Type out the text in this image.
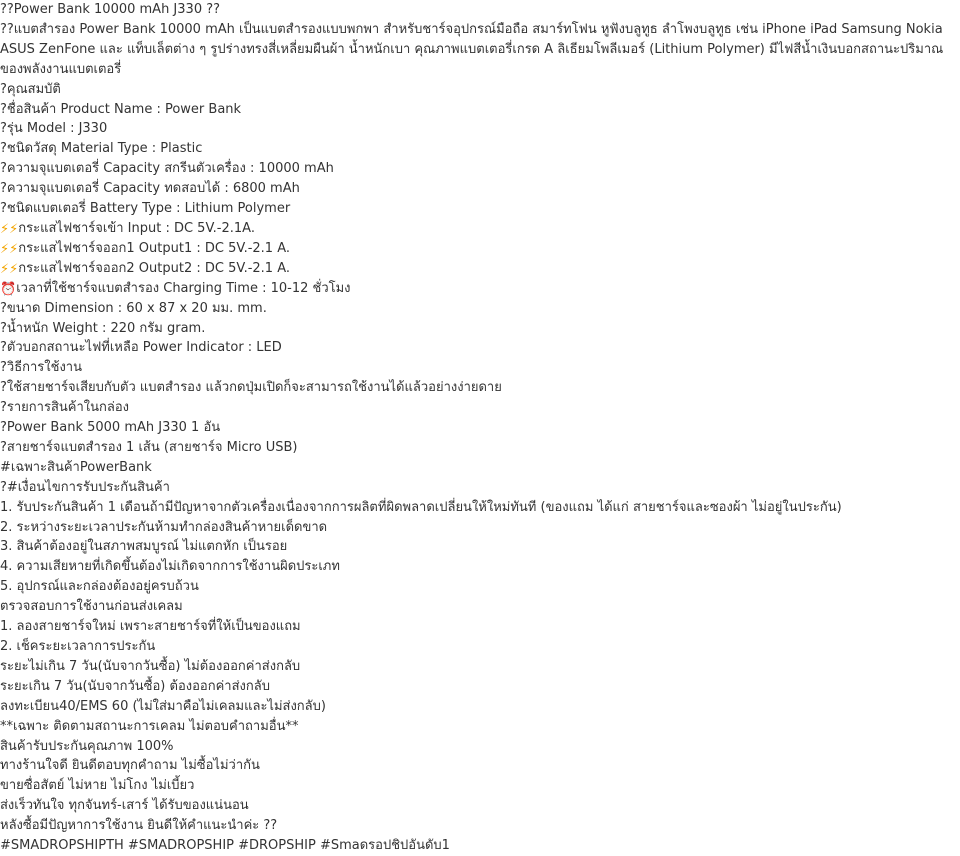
??Power Bank 10000 mAh J330 ??
??แบตสำรอง Power Bank 10000 mAh เป็นแบตสำรองแบบพกพา สำหรับชาร์จอุปกรณ์มือถือ สมาร์ทโฟน หูฟังบลูทูธ ลำโพงบลูทูธ เช่น iPhone iPad Samsung Nokia ASUS ZenFone และ แท็บเล็ตต่าง ๆ รูปร่างทรงสี่เหลี่ยมผืนผ้า น้ำหนักเบา คุณภาพแบตเตอรี่เกรด A ลิเธียมโพลีเมอร์ (Lithium Polymer) มีไฟสีน้ำเงินบอกสถานะปริมาณของพลังงานแบตเตอรี่
?คุณสมบัติ
?ชื่อสินค้า Product Name : Power Bank
?รุ่น Model : J330
?ชนิดวัสดุ Material Type : Plastic
?ความจุแบตเตอรี่ Capacity สกรีนตัวเครื่อง : 10000 mAh
?ความจุแบตเตอรี่ Capacity ทดสอบได้ : 6800 mAh
?ชนิดแบตเตอรี่ Battery Type : Lithium Polymer
⚡⚡กระแสไฟชาร์จเข้า Input : DC 5V.-2.1A.
⚡⚡กระแสไฟชาร์จออก1 Output1 : DC 5V.-2.1 A.
⚡⚡กระแสไฟชาร์จออก2 Output2 : DC 5V.-2.1 A.
⏰เวลาที่ใช้ชาร์จแบตสำรอง Charging Time : 10-12 ชั่วโมง
?ขนาด Dimension : 60 x 87 x 20 มม. mm.
?น้ำหนัก Weight : 220 กรัม gram.
?ตัวบอกสถานะไฟที่เหลือ Power Indicator : LED
?วิธีการใช้งาน
?ใช้สายชาร์จเสียบกับตัว แบตสำรอง แล้วกดปุ่มเปิดก็จะสามารถใช้งานได้แล้วอย่างง่ายดาย
?รายการสินค้าในกล่อง
?Power Bank 5000 mAh J330 1 อัน
?สายชาร์จแบตสำรอง 1 เส้น (สายชาร์จ Micro USB)
#เฉพาะสินค้าPowerBank
?#เงื่อนไขการรับประกันสินค้า
1. รับประกันสินค้า 1 เดือนถ้ามีปัญหาจากตัวเครื่องเนื่องจากการผลิตที่ผิดพลาดเปลี่ยนให้ใหม่ทันที (ของแถม ได้แก่ สายชาร์จและซองผ้า ไม่อยู่ในประกัน)
2. ระหว่างระยะเวลาประกันห้ามทำกล่องสินค้าหายเด็ดขาด
3. สินค้าต้องอยู่ในสภาพสมบูรณ์ ไม่แตกหัก เป็นรอย
4. ความเสียหายที่เกิดขึ้นต้องไม่เกิดจากการใช้งานผิดประเภท
5. อุปกรณ์และกล่องต้องอยู่ครบถ้วน
ตรวจสอบการใช้งานก่อนส่งเคลม
1. ลองสายชาร์จใหม่ เพราะสายชาร์จที่ให้เป็นของแถม
2. เช็คระยะเวลาการประกัน
ระยะไม่เกิน 7 วัน(นับจากวันซื้อ) ไม่ต้องออกค่าส่งกลับ
ระยะเกิน 7 วัน(นับจากวันซื้อ) ต้องออกค่าส่งกลับ
ลงทะเบียน40/EMS 60 (ไม่ใส่มาคือไม่เคลมและไม่ส่งกลับ)
**เฉพาะ ติดตามสถานะการเคลม ไม่ตอบคำถามอื่น**
สินค้ารับประกันคุณภาพ 100%
ทางร้านใจดี ยินดีตอบทุกคำถาม ไม่ซื้อไม่ว่ากัน
ขายซื่อสัตย์ ไม่หาย ไม่โกง ไม่เบี้ยว
ส่งเร็วทันใจ ทุกจันทร์-เสาร์ ได้รับของแน่นอน
หลังซื้อมีปัญหาการใช้งาน ยินดีให้คำแนะนำค่ะ ??
#SMADROPSHIPTH #SMADROPSHIP #DROPSHIP #Smaดรอปชิปอันดับ1
